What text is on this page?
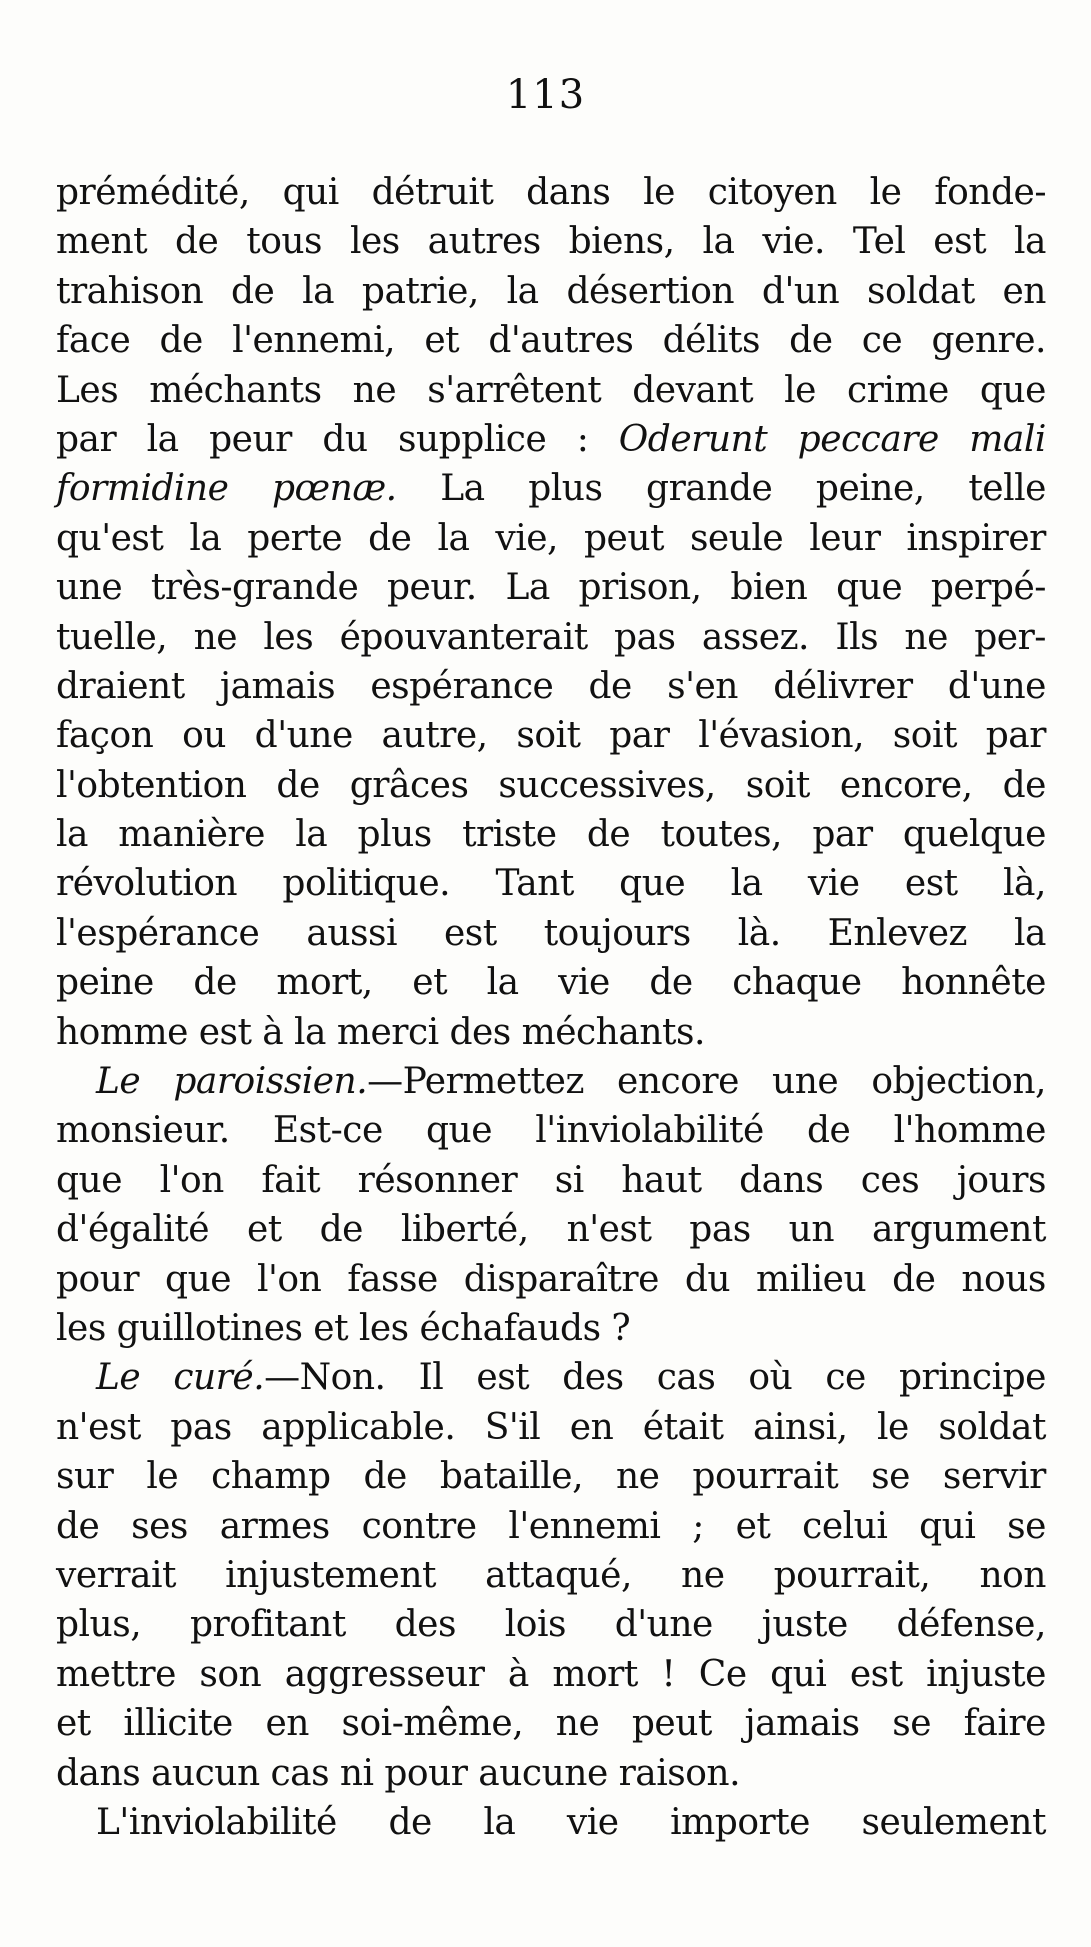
113
prémédité, qui détruit dans le citoyen le fonde-
ment de tous les autres biens, la vie. Tel est la
trahison de la patrie, la désertion d'un soldat en
face de l'ennemi, et d'autres délits de ce genre.
Les méchants ne s'arrêtent devant le crime que
par la peur du supplice : Oderunt peccare mali
formidine pœnæ. La plus grande peine, telle
qu'est la perte de la vie, peut seule leur inspirer
une très-grande peur. La prison, bien que perpé-
tuelle, ne les épouvanterait pas assez. Ils ne per-
draient jamais espérance de s'en délivrer d'une
façon ou d'une autre, soit par l'évasion, soit par
l'obtention de grâces successives, soit encore, de
la manière la plus triste de toutes, par quelque
révolution politique. Tant que la vie est là,
l'espérance aussi est toujours là. Enlevez la
peine de mort, et la vie de chaque honnête
homme est à la merci des méchants.
Le paroissien.—Permettez encore une objection,
monsieur. Est-ce que l'inviolabilité de l'homme
que l'on fait résonner si haut dans ces jours
d'égalité et de liberté, n'est pas un argument
pour que l'on fasse disparaître du milieu de nous
les guillotines et les échafauds ?
Le curé.—Non. Il est des cas où ce principe
n'est pas applicable. S'il en était ainsi, le soldat
sur le champ de bataille, ne pourrait se servir
de ses armes contre l'ennemi ; et celui qui se
verrait injustement attaqué, ne pourrait, non
plus, profitant des lois d'une juste défense,
mettre son aggresseur à mort ! Ce qui est injuste
et illicite en soi-même, ne peut jamais se faire
dans aucun cas ni pour aucune raison.
L'inviolabilité de la vie importe seulement
